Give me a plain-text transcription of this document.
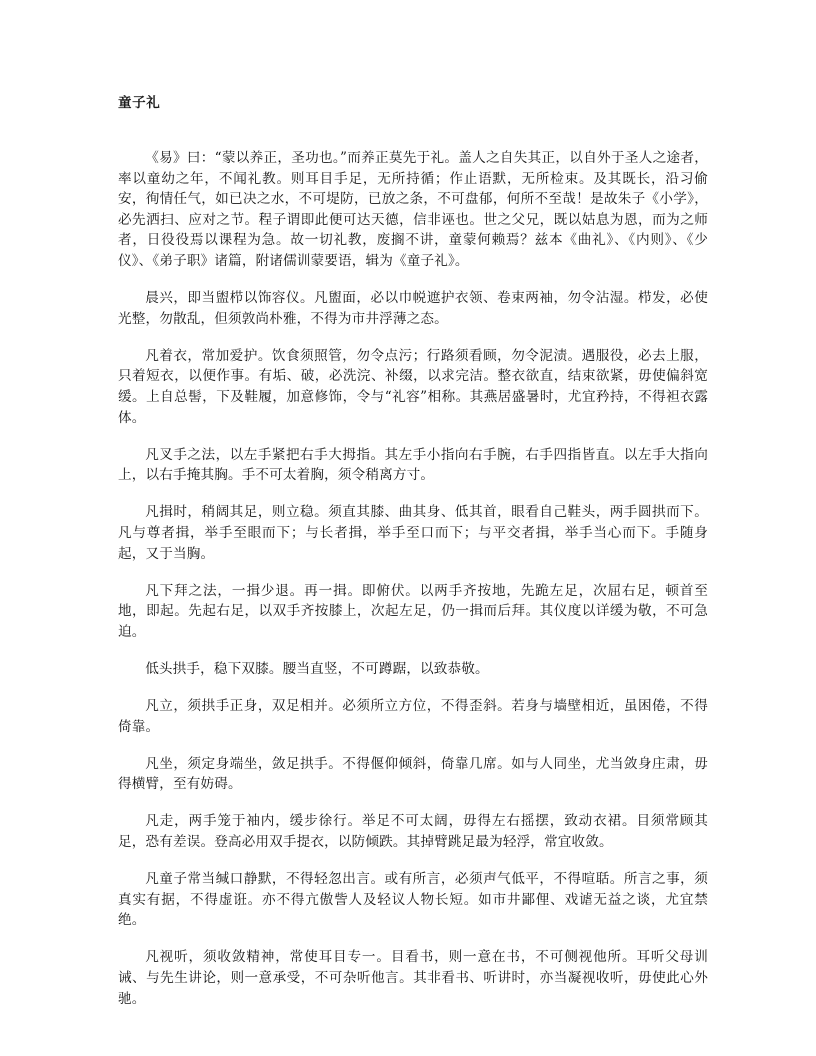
童子礼

《易》曰：“蒙以养正，圣功也。”而养正莫先于礼。盖人之自失其正，以自外于圣人之途者，率以童幼之年，不闻礼教。则耳目手足，无所持循；作止语默，无所检束。及其既长，沿习偷安，徇情任气，如已决之水，不可堤防，已放之条，不可盘郁，何所不至哉！是故朱子《小学》，必先洒扫、应对之节。程子谓即此便可达天德，信非诬也。世之父兄，既以姑息为恩，而为之师者，日役役焉以课程为急。故一切礼教，废搁不讲，童蒙何赖焉？兹本《曲礼》、《内则》、《少仪》、《弟子职》诸篇，附诸儒训蒙要语，辑为《童子礼》。

晨兴，即当盥栉以饰容仪。凡盥面，必以巾帨遮护衣领、卷束两袖，勿令沾湿。栉发，必使光整，勿散乱，但须敦尚朴雅，不得为市井浮薄之态。

凡着衣，常加爱护。饮食须照管，勿令点污；行路须看顾，勿令泥渍。遇服役，必去上服，只着短衣，以便作事。有垢、破，必洗浣、补缀，以求完洁。整衣欲直，结束欲紧，毋使偏斜宽缓。上自总髻，下及鞋履，加意修饰，令与“礼容”相称。其燕居盛暑时，尤宜矜持，不得袒衣露体。

凡叉手之法，以左手紧把右手大拇指。其左手小指向右手腕，右手四指皆直。以左手大指向上，以右手掩其胸。手不可太着胸，须令稍离方寸。

凡揖时，稍阔其足，则立稳。须直其膝、曲其身、低其首，眼看自己鞋头，两手圆拱而下。凡与尊者揖，举手至眼而下；与长者揖，举手至口而下；与平交者揖，举手当心而下。手随身起，又于当胸。

凡下拜之法，一揖少退。再一揖。即俯伏。以两手齐按地，先跪左足，次屈右足，顿首至地，即起。先起右足，以双手齐按膝上，次起左足，仍一揖而后拜。其仪度以详缓为敬，不可急迫。

低头拱手，稳下双膝。腰当直竖，不可蹲踞，以致恭敬。

凡立，须拱手正身，双足相并。必须所立方位，不得歪斜。若身与墙壁相近，虽困倦，不得倚靠。

凡坐，须定身端坐，敛足拱手。不得偃仰倾斜，倚靠几席。如与人同坐，尤当敛身庄肃，毋得横臂，至有妨碍。

凡走，两手笼于袖内，缓步徐行。举足不可太阔，毋得左右摇摆，致动衣裙。目须常顾其足，恐有差误。登高必用双手提衣，以防倾跌。其掉臂跳足最为轻浮，常宜收敛。

凡童子常当缄口静默，不得轻忽出言。或有所言，必须声气低平，不得喧聒。所言之事，须真实有据，不得虚诳。亦不得亢傲訾人及轻议人物长短。如市井鄙俚、戏谑无益之谈，尤宜禁绝。

凡视听，须收敛精神，常使耳目专一。目看书，则一意在书，不可侧视他所。耳听父母训诫、与先生讲论，则一意承受，不可杂听他言。其非看书、听讲时，亦当凝视收听，毋使此心外驰。
